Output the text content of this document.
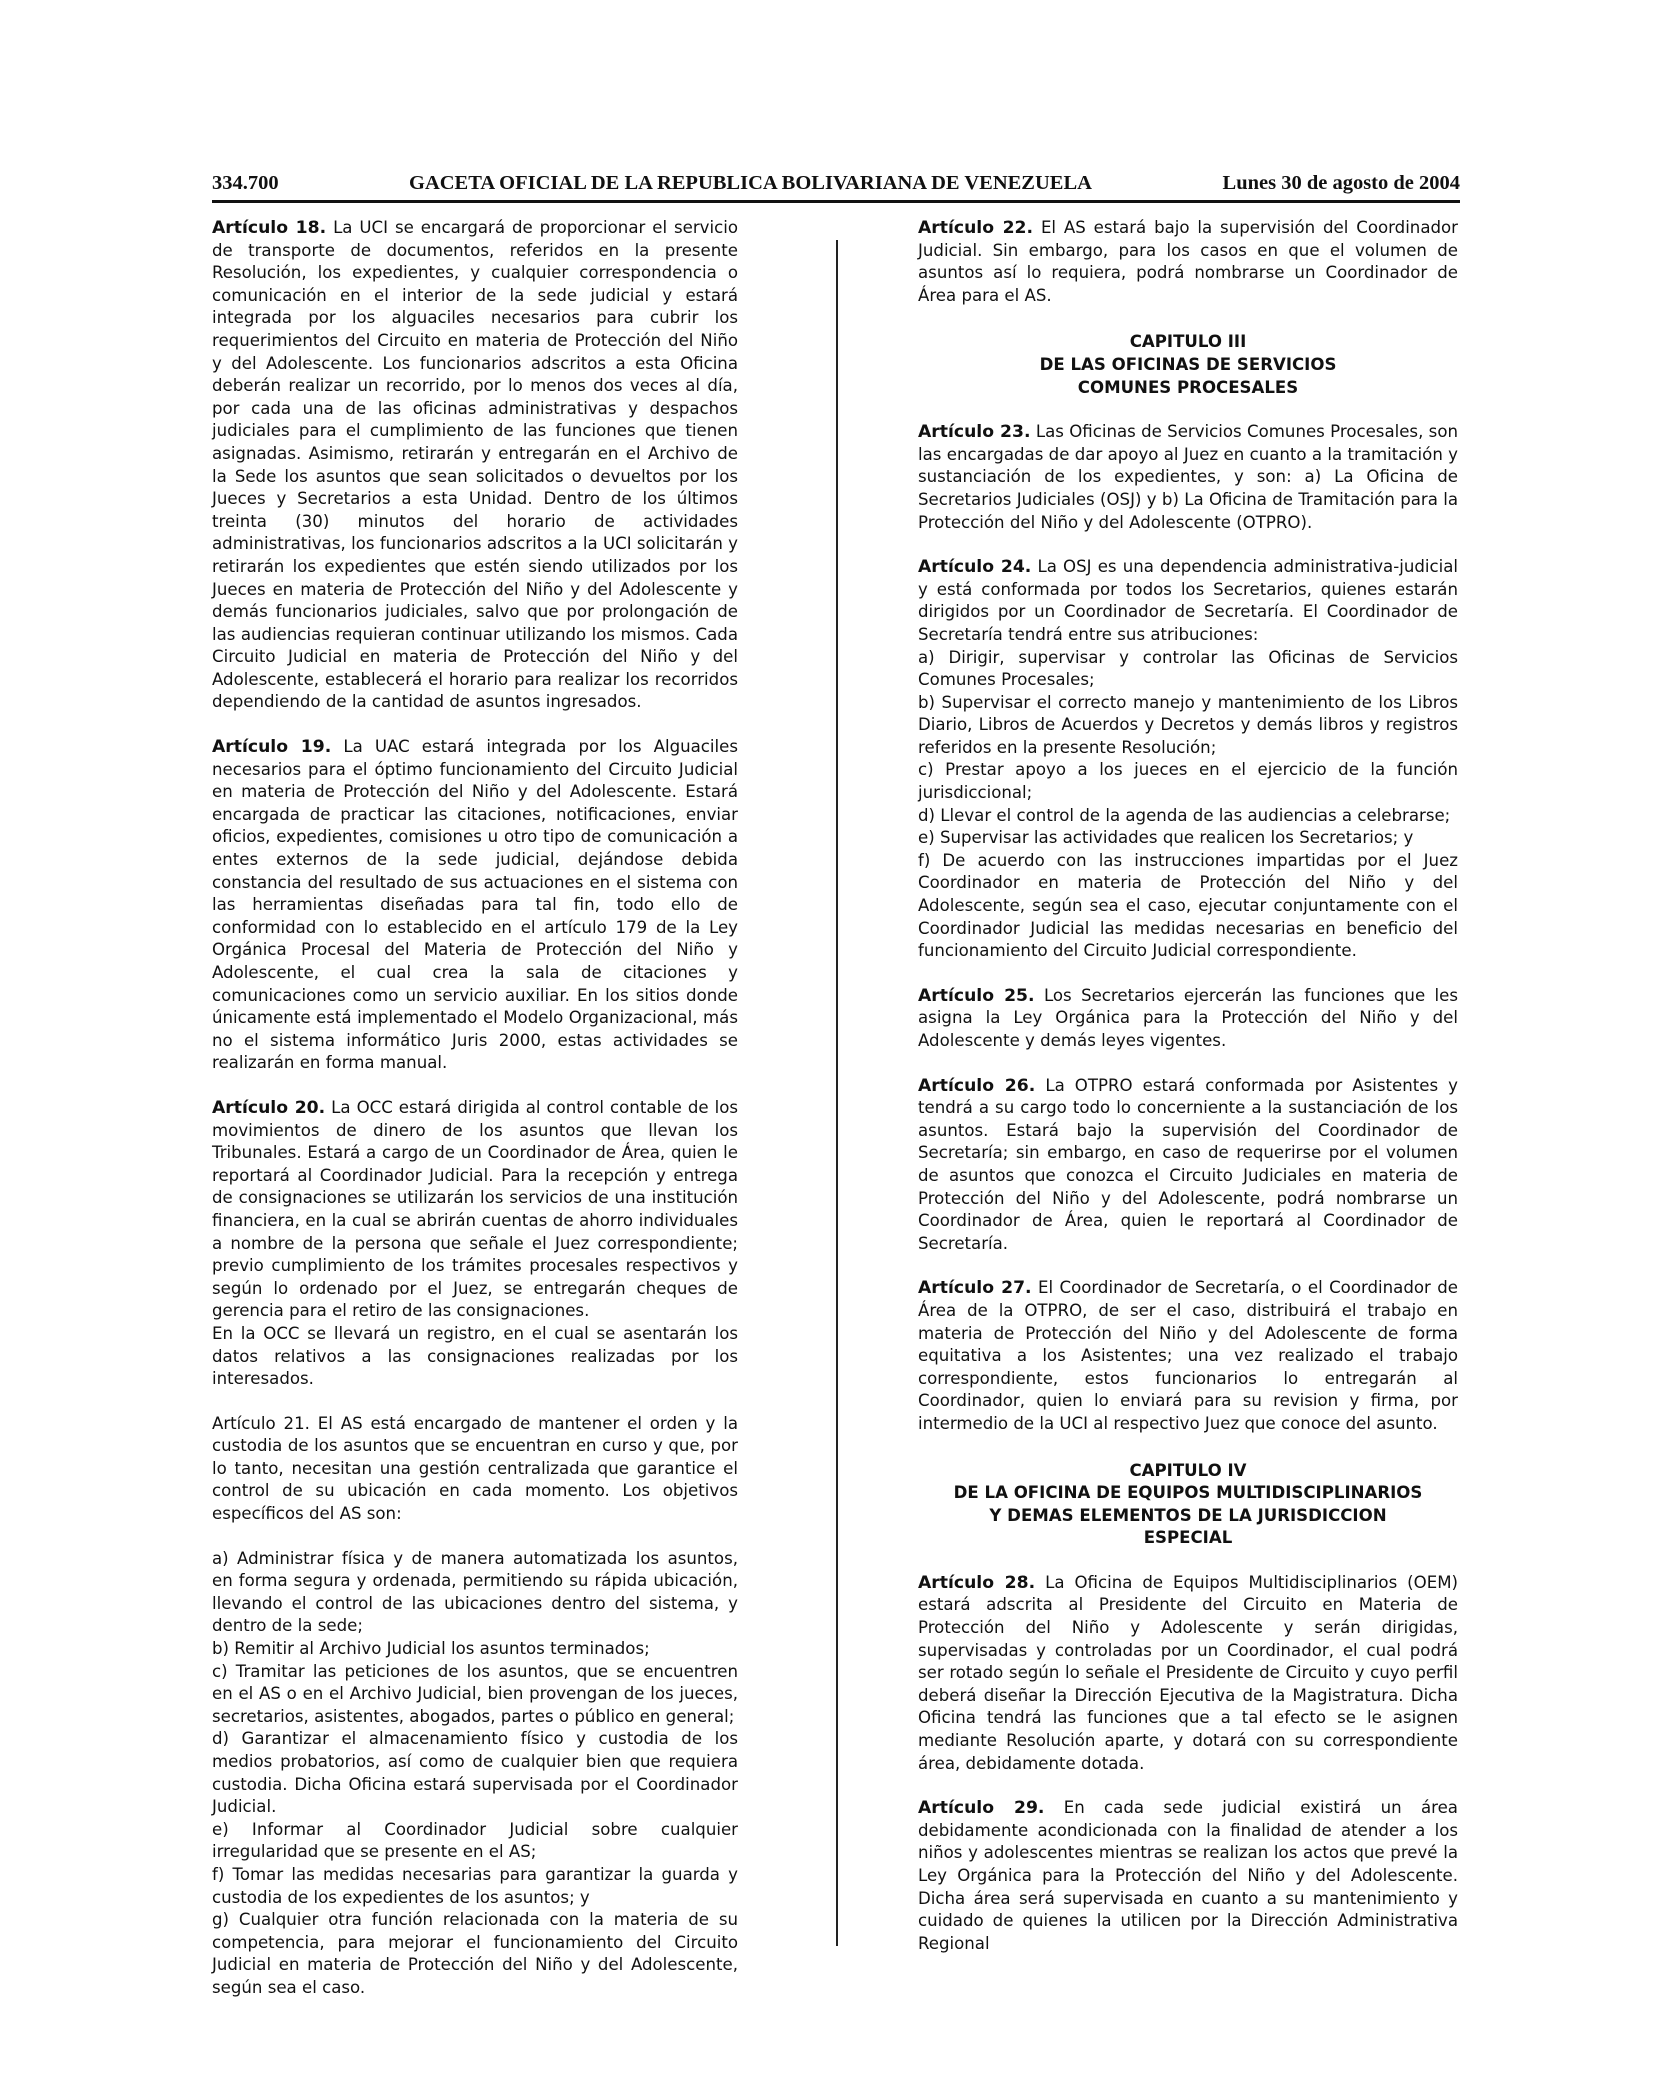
334.700	GACETA OFICIAL DE LA REPUBLICA BOLIVARIANA DE VENEZUELA	Lunes 30 de agosto de 2004

Artículo 18. La UCI se encargará de proporcionar el servicio de transporte de documentos, referidos en la presente Resolución, los expedientes, y cualquier correspondencia o comunicación en el interior de la sede judicial y estará integrada por los alguaciles necesarios para cubrir los requerimientos del Circuito en materia de Protección del Niño y del Adolescente. Los funcionarios adscritos a esta Oficina deberán realizar un recorrido, por lo menos dos veces al día, por cada una de las oficinas administrativas y despachos judiciales para el cumplimiento de las funciones que tienen asignadas. Asimismo, retirarán y entregarán en el Archivo de la Sede los asuntos que sean solicitados o devueltos por los Jueces y Secretarios a esta Unidad. Dentro de los últimos treinta (30) minutos del horario de actividades administrativas, los funcionarios adscritos a la UCI solicitarán y retirarán los expedientes que estén siendo utilizados por los Jueces en materia de Protección del Niño y del Adolescente y demás funcionarios judiciales, salvo que por prolongación de las audiencias requieran continuar utilizando los mismos. Cada Circuito Judicial en materia de Protección del Niño y del Adolescente, establecerá el horario para realizar los recorridos dependiendo de la cantidad de asuntos ingresados.

Artículo 19. La UAC estará integrada por los Alguaciles necesarios para el óptimo funcionamiento del Circuito Judicial en materia de Protección del Niño y del Adolescente. Estará encargada de practicar las citaciones, notificaciones, enviar oficios, expedientes, comisiones u otro tipo de comunicación a entes externos de la sede judicial, dejándose debida constancia del resultado de sus actuaciones en el sistema con las herramientas diseñadas para tal fin, todo ello de conformidad con lo establecido en el artículo 179 de la Ley Orgánica Procesal del Materia de Protección del Niño y Adolescente, el cual crea la sala de citaciones y comunicaciones como un servicio auxiliar. En los sitios donde únicamente está implementado el Modelo Organizacional, más no el sistema informático Juris 2000, estas actividades se realizarán en forma manual.

Artículo 20. La OCC estará dirigida al control contable de los movimientos de dinero de los asuntos que llevan los Tribunales. Estará a cargo de un Coordinador de Área, quien le reportará al Coordinador Judicial. Para la recepción y entrega de consignaciones se utilizarán los servicios de una institución financiera, en la cual se abrirán cuentas de ahorro individuales a nombre de la persona que señale el Juez correspondiente; previo cumplimiento de los trámites procesales respectivos y según lo ordenado por el Juez, se entregarán cheques de gerencia para el retiro de las consignaciones.

En la OCC se llevará un registro, en el cual se asentarán los datos relativos a las consignaciones realizadas por los interesados.

Artículo 21. El AS está encargado de mantener el orden y la custodia de los asuntos que se encuentran en curso y que, por lo tanto, necesitan una gestión centralizada que garantice el control de su ubicación en cada momento. Los objetivos específicos del AS son:

a) Administrar física y de manera automatizada los asuntos, en forma segura y ordenada, permitiendo su rápida ubicación, llevando el control de las ubicaciones dentro del sistema, y dentro de la sede;
b) Remitir al Archivo Judicial los asuntos terminados;
c) Tramitar las peticiones de los asuntos, que se encuentren en el AS o en el Archivo Judicial, bien provengan de los jueces, secretarios, asistentes, abogados, partes o público en general;
d) Garantizar el almacenamiento físico y custodia de los medios probatorios, así como de cualquier bien que requiera custodia. Dicha Oficina estará supervisada por el Coordinador Judicial.
e) Informar al Coordinador Judicial sobre cualquier irregularidad que se presente en el AS;
f) Tomar las medidas necesarias para garantizar la guarda y custodia de los expedientes de los asuntos; y
g) Cualquier otra función relacionada con la materia de su competencia, para mejorar el funcionamiento del Circuito Judicial en materia de Protección del Niño y del Adolescente, según sea el caso.

Artículo 22. El AS estará bajo la supervisión del Coordinador Judicial. Sin embargo, para los casos en que el volumen de asuntos así lo requiera, podrá nombrarse un Coordinador de Área para el AS.

CAPITULO III
DE LAS OFICINAS DE SERVICIOS
COMUNES PROCESALES

Artículo 23. Las Oficinas de Servicios Comunes Procesales, son las encargadas de dar apoyo al Juez en cuanto a la tramitación y sustanciación de los expedientes, y son: a) La Oficina de Secretarios Judiciales (OSJ) y b) La Oficina de Tramitación para la Protección del Niño y del Adolescente (OTPRO).

Artículo 24. La OSJ es una dependencia administrativa-judicial y está conformada por todos los Secretarios, quienes estarán dirigidos por un Coordinador de Secretaría. El Coordinador de Secretaría tendrá entre sus atribuciones:

a) Dirigir, supervisar y controlar las Oficinas de Servicios Comunes Procesales;
b) Supervisar el correcto manejo y mantenimiento de los Libros Diario, Libros de Acuerdos y Decretos y demás libros y registros referidos en la presente Resolución;
c) Prestar apoyo a los jueces en el ejercicio de la función jurisdiccional;
d) Llevar el control de la agenda de las audiencias a celebrarse;
e) Supervisar las actividades que realicen los Secretarios; y
f) De acuerdo con las instrucciones impartidas por el Juez Coordinador en materia de Protección del Niño y del Adolescente, según sea el caso, ejecutar conjuntamente con el Coordinador Judicial las medidas necesarias en beneficio del funcionamiento del Circuito Judicial correspondiente.

Artículo 25. Los Secretarios ejercerán las funciones que les asigna la Ley Orgánica para la Protección del Niño y del Adolescente y demás leyes vigentes.

Artículo 26. La OTPRO estará conformada por Asistentes y tendrá a su cargo todo lo concerniente a la sustanciación de los asuntos. Estará bajo la supervisión del Coordinador de Secretaría; sin embargo, en caso de requerirse por el volumen de asuntos que conozca el Circuito Judiciales en materia de Protección del Niño y del Adolescente, podrá nombrarse un Coordinador de Área, quien le reportará al Coordinador de Secretaría.

Artículo 27. El Coordinador de Secretaría, o el Coordinador de Área de la OTPRO, de ser el caso, distribuirá el trabajo en materia de Protección del Niño y del Adolescente de forma equitativa a los Asistentes; una vez realizado el trabajo correspondiente, estos funcionarios lo entregarán al Coordinador, quien lo enviará para su revision y firma, por intermedio de la UCI al respectivo Juez que conoce del asunto.

CAPITULO IV
DE LA OFICINA DE EQUIPOS MULTIDISCIPLINARIOS
Y DEMAS ELEMENTOS DE LA JURISDICCION
ESPECIAL

Artículo 28. La Oficina de Equipos Multidisciplinarios (OEM) estará adscrita al Presidente del Circuito en Materia de Protección del Niño y Adolescente y serán dirigidas, supervisadas y controladas por un Coordinador, el cual podrá ser rotado según lo señale el Presidente de Circuito y cuyo perfil deberá diseñar la Dirección Ejecutiva de la Magistratura. Dicha Oficina tendrá las funciones que a tal efecto se le asignen mediante Resolución aparte, y dotará con su correspondiente área, debidamente dotada.

Artículo 29. En cada sede judicial existirá un área debidamente acondicionada con la finalidad de atender a los niños y adolescentes mientras se realizan los actos que prevé la Ley Orgánica para la Protección del Niño y del Adolescente. Dicha área será supervisada en cuanto a su mantenimiento y cuidado de quienes la utilicen por la Dirección Administrativa Regional
